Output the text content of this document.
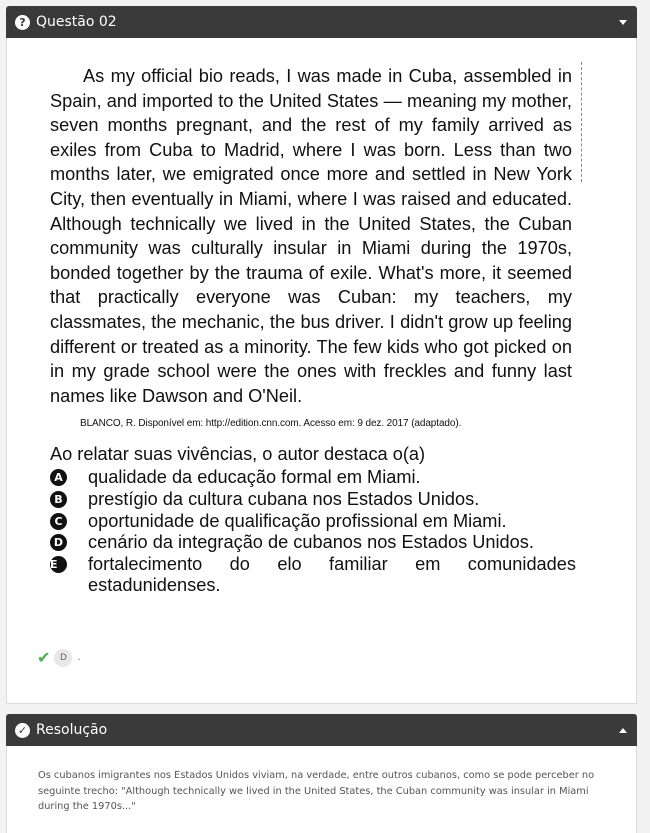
? Questão 02

As my official bio reads, I was made in Cuba, assembled in Spain, and imported to the United States — meaning my mother, seven months pregnant, and the rest of my family arrived as exiles from Cuba to Madrid, where I was born. Less than two months later, we emigrated once more and settled in New York City, then eventually in Miami, where I was raised and educated. Although technically we lived in the United States, the Cuban community was culturally insular in Miami during the 1970s, bonded together by the trauma of exile. What's more, it seemed that practically everyone was Cuban: my teachers, my classmates, the mechanic, the bus driver. I didn't grow up feeling different or treated as a minority. The few kids who got picked on in my grade school were the ones with freckles and funny last names like Dawson and O'Neil.

BLANCO, R. Disponível em: http://edition.cnn.com. Acesso em: 9 dez. 2017 (adaptado).
Ao relatar suas vivências, o autor destaca o(a)
A qualidade da educação formal em Miami.
B prestígio da cultura cubana nos Estados Unidos.
C oportunidade de qualificação profissional em Miami.
D cenário da integração de cubanos nos Estados Unidos.
E	fortalecimento do elo familiar em comunidades estadunidenses.
✔	D	.
✓ Resolução

Os cubanos imigrantes nos Estados Unidos viviam, na verdade, entre outros cubanos, como se pode perceber no seguinte trecho: "Although technically we lived in the United States, the Cuban community was insular in Miami during the 1970s..."
